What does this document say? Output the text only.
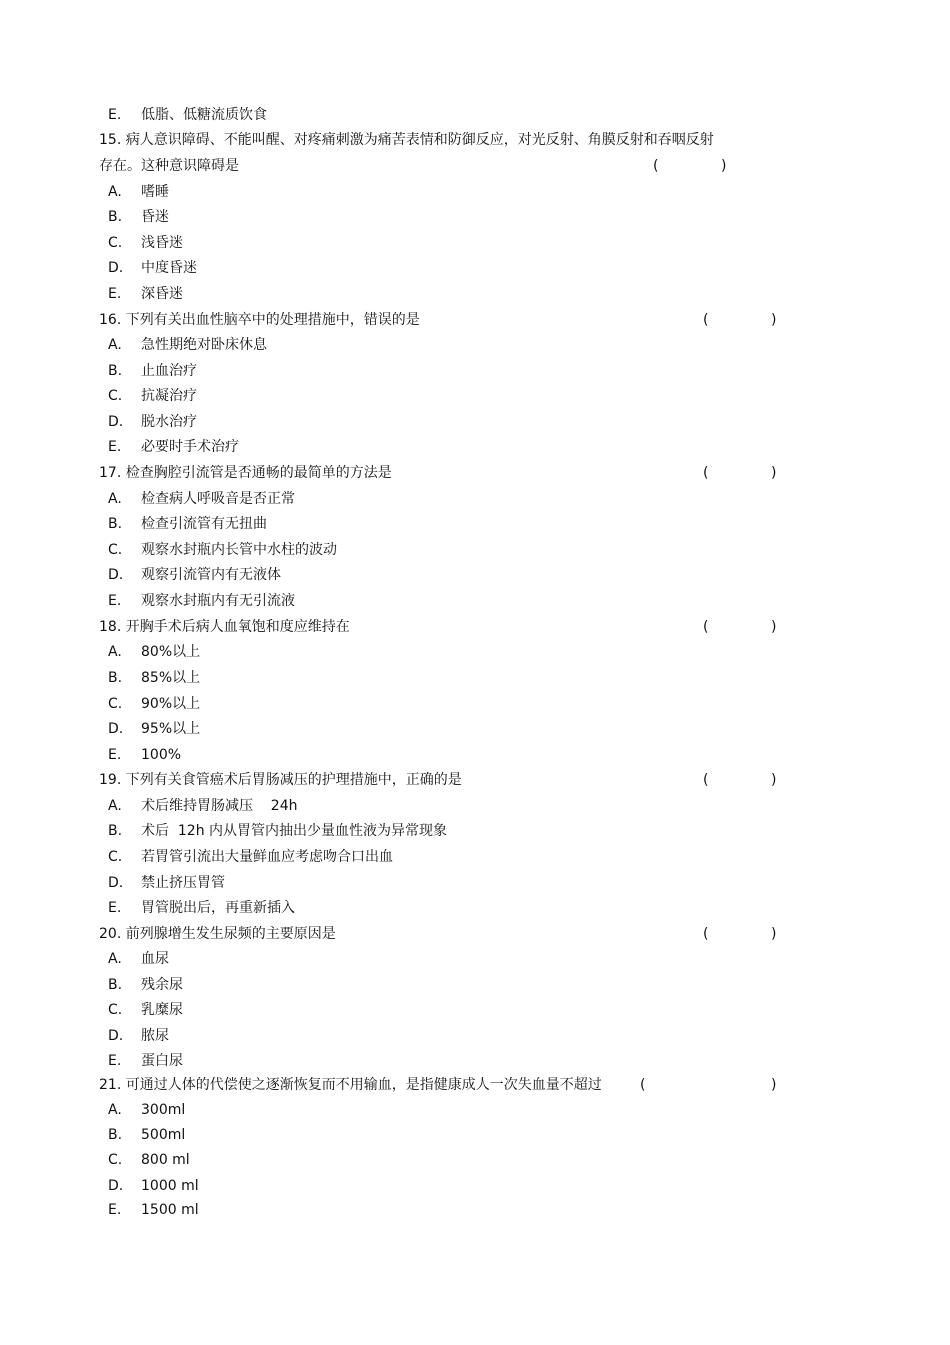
E. 低脂、低糖流质饮食
15. 病人意识障碍、不能叫醒、对疼痛刺激为痛苦表情和防御反应，对光反射、角膜反射和吞咽反射
存在。这种意识障碍是	(	)
A. 嗜睡
B. 昏迷
C. 浅昏迷
D. 中度昏迷
E. 深昏迷
16. 下列有关出血性脑卒中的处理措施中，错误的是	(	)
A. 急性期绝对卧床休息
B. 止血治疗
C. 抗凝治疗
D. 脱水治疗
E. 必要时手术治疗
17. 检查胸腔引流管是否通畅的最简单的方法是	(	)
A. 检查病人呼吸音是否正常
B. 检查引流管有无扭曲
C. 观察水封瓶内长管中水柱的波动
D. 观察引流管内有无液体
E. 观察水封瓶内有无引流液
18. 开胸手术后病人血氧饱和度应维持在	(	)
A. 80%以上
B. 85%以上
C. 90%以上
D. 95%以上
E. 100%
19. 下列有关食管癌术后胃肠减压的护理措施中，正确的是	(	)
A. 术后维持胃肠减压    24h
B. 术后  12h 内从胃管内抽出少量血性液为异常现象
C. 若胃管引流出大量鲜血应考虑吻合口出血
D. 禁止挤压胃管
E. 胃管脱出后，再重新插入
20. 前列腺增生发生尿频的主要原因是	(	)
A. 血尿
B. 残余尿
C. 乳糜尿
D. 脓尿
E. 蛋白尿
21. 可通过人体的代偿使之逐渐恢复而不用输血，是指健康成人一次失血量不超过	(	)
A. 300ml
B. 500ml
C. 800 ml
D. 1000 ml
E. 1500 ml
